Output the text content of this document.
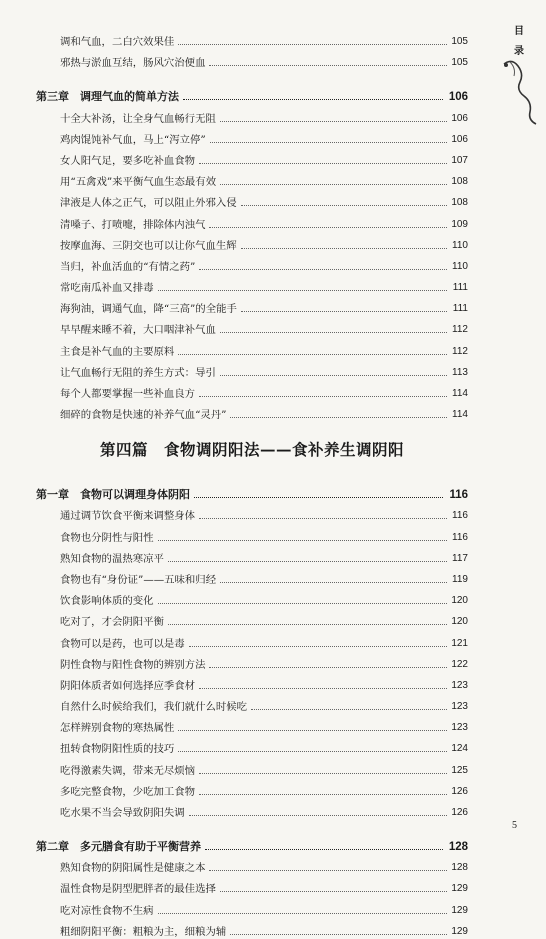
调和气血，二白穴效果佳	105
邪热与淤血互结，肠风穴治便血	105
第三章　调理气血的简单方法	106
十全大补汤，让全身气血畅行无阻	106
鸡肉馄饨补气血，马上“泻立停”	106
女人阳气足，要多吃补血食物	107
用“五禽戏”来平衡气血生态最有效	108
津液是人体之正气，可以阻止外邪入侵	108
清嗓子、打喷嚏，排除体内浊气	109
按摩血海、三阴交也可以让你气血生辉	110
当归，补血活血的“有情之药”	110
常吃南瓜补血又排毒	111
海狗油，调通气血，降“三高”的全能手	111
早早醒来睡不着，大口咽津补气血	112
主食是补气血的主要原料	112
让气血畅行无阻的养生方式：导引	113
每个人都要掌握一些补血良方	114
细碎的食物是快速的补养气血“灵丹”	114
第四篇　食物调阴阳法——食补养生调阴阳
第一章　食物可以调理身体阴阳	116
通过调节饮食平衡来调整身体	116
食物也分阴性与阳性	116
熟知食物的温热寒凉平	117
食物也有“身份证”——五味和归经	119
饮食影响体质的变化	120
吃对了，才会阴阳平衡	120
食物可以是药，也可以是毒	121
阴性食物与阳性食物的辨别方法	122
阴阳体质者如何选择应季食材	123
自然什么时候给我们，我们就什么时候吃	123
怎样辨别食物的寒热属性	123
扭转食物阴阳性质的技巧	124
吃得激素失调，带来无尽烦恼	125
多吃完整食物，少吃加工食物	126
吃水果不当会导致阴阳失调	126
第二章　多元膳食有助于平衡营养	128
熟知食物的阴阳属性是健康之本	128
温性食物是阴型肥胖者的最佳选择	129
吃对凉性食物不生病	129
粗细阴阳平衡：粗粮为主，细粮为辅	129
目
录
5
